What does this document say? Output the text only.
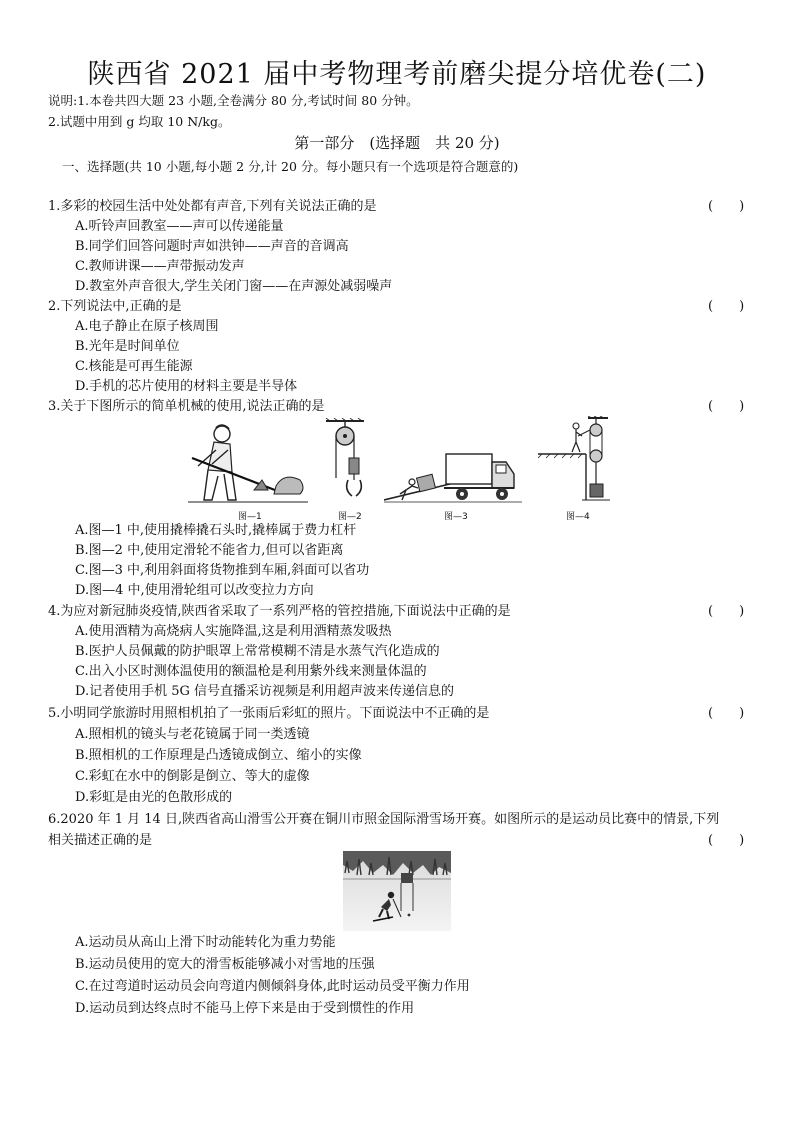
陕西省 2021 届中考物理考前磨尖提分培优卷(二)
说明:1.本卷共四大题 23 小题,全卷满分 80 分,考试时间 80 分钟。
2.试题中用到 g 均取 10 N/kg。
第一部分　(选择题　共 20 分)
一、选择题(共 10 小题,每小题 2 分,计 20 分。每小题只有一个选项是符合题意的)
1.多彩的校园生活中处处都有声音,下列有关说法正确的是	(　　)
A.听铃声回教室——声可以传递能量
B.同学们回答问题时声如洪钟——声音的音调高
C.教师讲课——声带振动发声
D.教室外声音很大,学生关闭门窗——在声源处减弱噪声
2.下列说法中,正确的是	(　　)
A.电子静止在原子核周围
B.光年是时间单位
C.核能是可再生能源
D.手机的芯片使用的材料主要是半导体
3.关于下图所示的简单机械的使用,说法正确的是	(　　)
图—1	图—2	图—3	图—4
A.图—1 中,使用撬棒撬石头时,撬棒属于费力杠杆
B.图—2 中,使用定滑轮不能省力,但可以省距离
C.图—3 中,利用斜面将货物推到车厢,斜面可以省功
D.图—4 中,使用滑轮组可以改变拉力方向
4.为应对新冠肺炎疫情,陕西省采取了一系列严格的管控措施,下面说法中正确的是	(　　)
A.使用酒精为高烧病人实施降温,这是利用酒精蒸发吸热
B.医护人员佩戴的防护眼罩上常常模糊不清是水蒸气汽化造成的
C.出入小区时测体温使用的额温枪是利用紫外线来测量体温的
D.记者使用手机 5G 信号直播采访视频是利用超声波来传递信息的
5.小明同学旅游时用照相机拍了一张雨后彩虹的照片。下面说法中不正确的是	(　　)
A.照相机的镜头与老花镜属于同一类透镜
B.照相机的工作原理是凸透镜成倒立、缩小的实像
C.彩虹在水中的倒影是倒立、等大的虚像
D.彩虹是由光的色散形成的
6.2020 年 1 月 14 日,陕西省高山滑雪公开赛在铜川市照金国际滑雪场开赛。如图所示的是运动员比赛中的情景,下列
相关描述正确的是	(　　)
A.运动员从高山上滑下时动能转化为重力势能
B.运动员使用的宽大的滑雪板能够减小对雪地的压强
C.在过弯道时运动员会向弯道内侧倾斜身体,此时运动员受平衡力作用
D.运动员到达终点时不能马上停下来是由于受到惯性的作用
